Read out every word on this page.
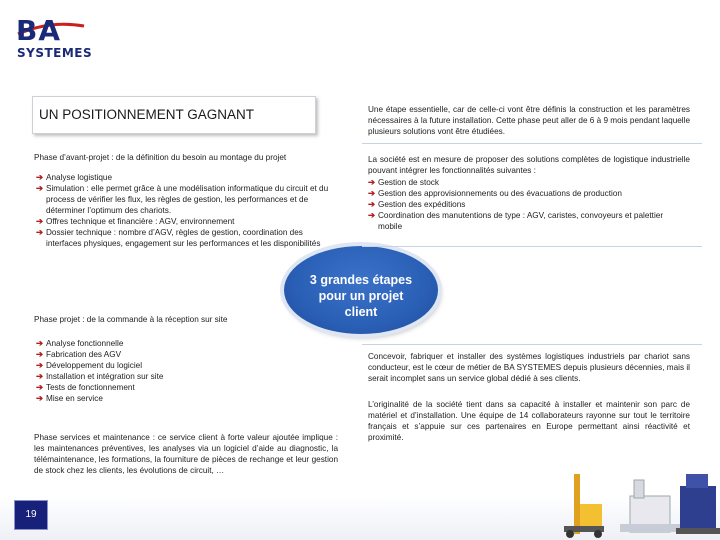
BA
SYSTEMES
UN POSITIONNEMENT GAGNANT
Phase d’avant-projet : de la définition du besoin au montage du projet
➔ Analyse logistique
➔ Simulation : elle permet grâce à une modélisation informatique du circuit et du process de vérifier les flux, les règles de gestion, les performances et de déterminer l’optimum des chariots.
➔ Offres technique et financière : AGV, environnement
➔ Dossier technique : nombre d’AGV, règles de gestion, coordination des interfaces physiques, engagement sur les performances et les disponibilités
Phase projet : de la commande à la réception sur site
➔ Analyse fonctionnelle
➔ Fabrication des AGV
➔ Développement du logiciel
➔ Installation et intégration sur site
➔ Tests de fonctionnement
➔ Mise en service
Phase services et maintenance : ce service client à forte valeur ajoutée implique : les maintenances préventives, les analyses via un logiciel d’aide au diagnostic, la télémaintenance, les formations, la fourniture de pièces de rechange et leur gestion de stock chez les clients, les évolutions de circuit, …
3 grandes étapes pour un projet client
Une étape essentielle, car de celle-ci vont être définis la construction et les paramètres nécessaires à la future installation. Cette phase peut aller de 6 à 9 mois pendant laquelle plusieurs solutions vont être étudiées.
La société est en mesure de proposer des solutions complètes de logistique industrielle pouvant intégrer les fonctionnalités suivantes :
➔ Gestion de stock
➔ Gestion des approvisionnements ou des évacuations de production
➔ Gestion des expéditions
➔ Coordination des manutentions de type : AGV, caristes, convoyeurs et palettier mobile
Concevoir, fabriquer et installer des systèmes logistiques industriels par chariot sans conducteur, est le cœur de métier de BA SYSTEMES depuis plusieurs décennies, mais il serait incomplet sans un service global dédié à ses clients.
L’originalité de la société tient dans sa capacité à installer et maintenir son parc de matériel et d’installation. Une équipe de 14 collaborateurs rayonne sur tout le territoire français et s’appuie sur ces partenaires en Europe permettant ainsi réactivité et proximité.
19
